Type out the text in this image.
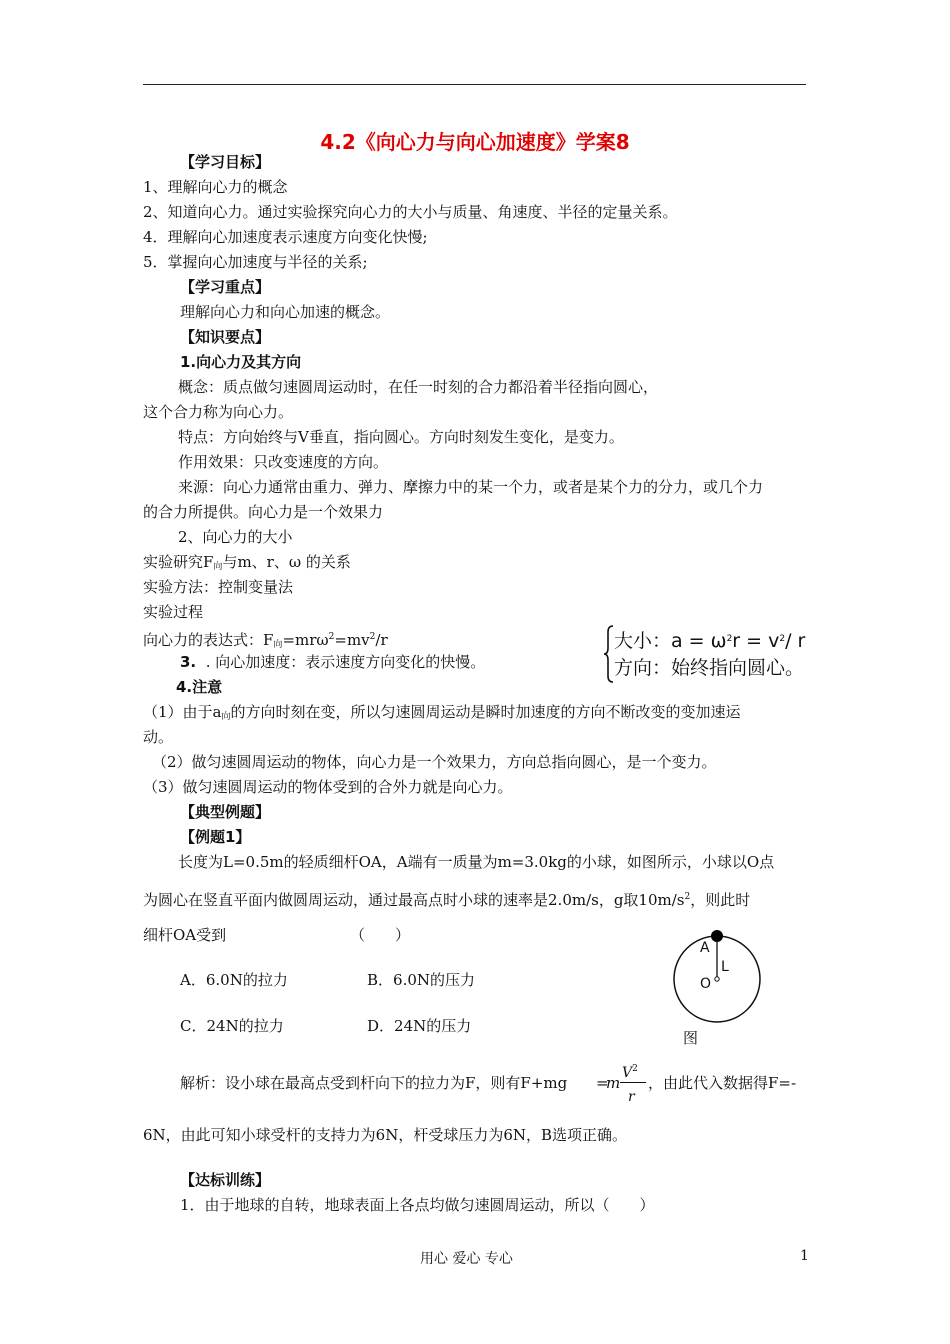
4.2《向心力与向心加速度》学案8
【学习目标】
1、理解向心力的概念
2、知道向心力。通过实验探究向心力的大小与质量、角速度、半径的定量关系。
4．理解向心加速度表示速度方向变化快慢;
5．掌握向心加速度与半径的关系;
【学习重点】
理解向心力和向心加速的概念。
【知识要点】
1.向心力及其方向
概念：质点做匀速圆周运动时，在任一时刻的合力都沿着半径指向圆心，
这个合力称为向心力。
特点：方向始终与V垂直，指向圆心。方向时刻发生变化，是变力。
作用效果：只改变速度的方向。
来源：向心力通常由重力、弹力、摩擦力中的某一个力，或者是某个力的分力，或几个力
的合力所提供。向心力是一个效果力
2、向心力的大小
实验研究$F_向$与m、r、ω 的关系
实验方法：控制变量法
实验过程
向心力的表达式：$F_向=mr\omega^2=mv^2/r$	大小：$a = \omega^2r = v^2/$ r
方向：始终指向圆心。
3. . 向心加速度：表示速度方向变化的快慢。
4.注意
（1）由于$a_向$的方向时刻在变，所以匀速圆周运动是瞬时加速度的方向不断改变的变加速运
动。
（2）做匀速圆周运动的物体，向心力是一个效果力，方向总指向圆心，是一个变力。
（3）做匀速圆周运动的物体受到的合外力就是向心力。
【典型例题】
【例题1】
长度为L=0.5m的轻质细杆OA，A端有一质量为m=3.0kg的小球，如图所示，小球以O点
为圆心在竖直平面内做圆周运动，通过最高点时小球的速率是2.0m/s，g取$10m/s^2$，则此时
细杆OA受到	（　　）
A．6.0N的拉力	B．6.0N的压力
C．24N的拉力	D．24N的压力
A
L
O
图
解析：设小球在最高点受到杆向下的拉力为F，则有F+mg =
m
$V^2$
r
，由此代入数据得F=-
6N，由此可知小球受杆的支持力为6N，杆受球压力为6N，B选项正确。
【达标训练】
1．由于地球的自转，地球表面上各点均做匀速圆周运动，所以（　　）
用心 爱心 专心	1
